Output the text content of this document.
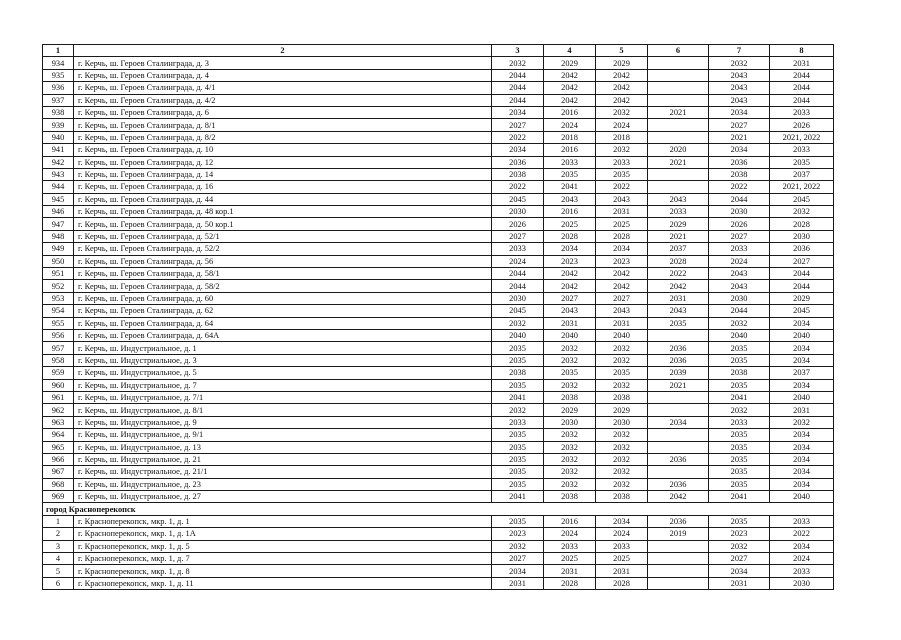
1	2	3	4	5	6	7	8
934	г. Керчь, ш. Героев Сталинграда, д. 3	2032	2029	2029		2032	2031
935	г. Керчь, ш. Героев Сталинграда, д. 4	2044	2042	2042		2043	2044
936	г. Керчь, ш. Героев Сталинграда, д. 4/1	2044	2042	2042		2043	2044
937	г. Керчь, ш. Героев Сталинграда, д. 4/2	2044	2042	2042		2043	2044
938	г. Керчь, ш. Героев Сталинграда, д. 6	2034	2016	2032	2021	2034	2033
939	г. Керчь, ш. Героев Сталинграда, д. 8/1	2027	2024	2024		2027	2026
940	г. Керчь, ш. Героев Сталинграда, д. 8/2	2022	2018	2018		2021	2021, 2022
941	г. Керчь, ш. Героев Сталинграда, д. 10	2034	2016	2032	2020	2034	2033
942	г. Керчь, ш. Героев Сталинграда, д. 12	2036	2033	2033	2021	2036	2035
943	г. Керчь, ш. Героев Сталинграда, д. 14	2038	2035	2035		2038	2037
944	г. Керчь, ш. Героев Сталинграда, д. 16	2022	2041	2022		2022	2021, 2022
945	г. Керчь, ш. Героев Сталинграда, д. 44	2045	2043	2043	2043	2044	2045
946	г. Керчь, ш. Героев Сталинграда, д. 48 кор.1	2030	2016	2031	2033	2030	2032
947	г. Керчь, ш. Героев Сталинграда, д. 50 кор.1	2026	2025	2025	2029	2026	2028
948	г. Керчь, ш. Героев Сталинграда, д. 52/1	2027	2028	2028	2021	2027	2030
949	г. Керчь, ш. Героев Сталинграда, д. 52/2	2033	2034	2034	2037	2033	2036
950	г. Керчь, ш. Героев Сталинграда, д. 56	2024	2023	2023	2028	2024	2027
951	г. Керчь, ш. Героев Сталинграда, д. 58/1	2044	2042	2042	2022	2043	2044
952	г. Керчь, ш. Героев Сталинграда, д. 58/2	2044	2042	2042	2042	2043	2044
953	г. Керчь, ш. Героев Сталинграда, д. 60	2030	2027	2027	2031	2030	2029
954	г. Керчь, ш. Героев Сталинграда, д. 62	2045	2043	2043	2043	2044	2045
955	г. Керчь, ш. Героев Сталинграда, д. 64	2032	2031	2031	2035	2032	2034
956	г. Керчь, ш. Героев Сталинграда, д. 64А	2040	2040	2040		2040	2040
957	г. Керчь, ш. Индустриальное, д. 1	2035	2032	2032	2036	2035	2034
958	г. Керчь, ш. Индустриальное, д. 3	2035	2032	2032	2036	2035	2034
959	г. Керчь, ш. Индустриальное, д. 5	2038	2035	2035	2039	2038	2037
960	г. Керчь, ш. Индустриальное, д. 7	2035	2032	2032	2021	2035	2034
961	г. Керчь, ш. Индустриальное, д. 7/1	2041	2038	2038		2041	2040
962	г. Керчь, ш. Индустриальное, д. 8/1	2032	2029	2029		2032	2031
963	г. Керчь, ш. Индустриальное, д. 9	2033	2030	2030	2034	2033	2032
964	г. Керчь, ш. Индустриальное, д. 9/1	2035	2032	2032		2035	2034
965	г. Керчь, ш. Индустриальное, д. 13	2035	2032	2032		2035	2034
966	г. Керчь, ш. Индустриальное, д. 21	2035	2032	2032	2036	2035	2034
967	г. Керчь, ш. Индустриальное, д. 21/1	2035	2032	2032		2035	2034
968	г. Керчь, ш. Индустриальное, д. 23	2035	2032	2032	2036	2035	2034
969	г. Керчь, ш. Индустриальное, д. 27	2041	2038	2038	2042	2041	2040
город Красноперекопск							
1	г. Красноперекопск, мкр. 1, д. 1	2035	2016	2034	2036	2035	2033
2	г. Красноперекопск, мкр. 1, д. 1А	2023	2024	2024	2019	2023	2022
3	г. Красноперекопск, мкр. 1, д. 5	2032	2033	2033		2032	2034
4	г. Красноперекопск, мкр. 1, д. 7	2027	2025	2025		2027	2024
5	г. Красноперекопск, мкр. 1, д. 8	2034	2031	2031		2034	2033
6	г. Красноперекопск, мкр. 1, д. 11	2031	2028	2028		2031	2030
